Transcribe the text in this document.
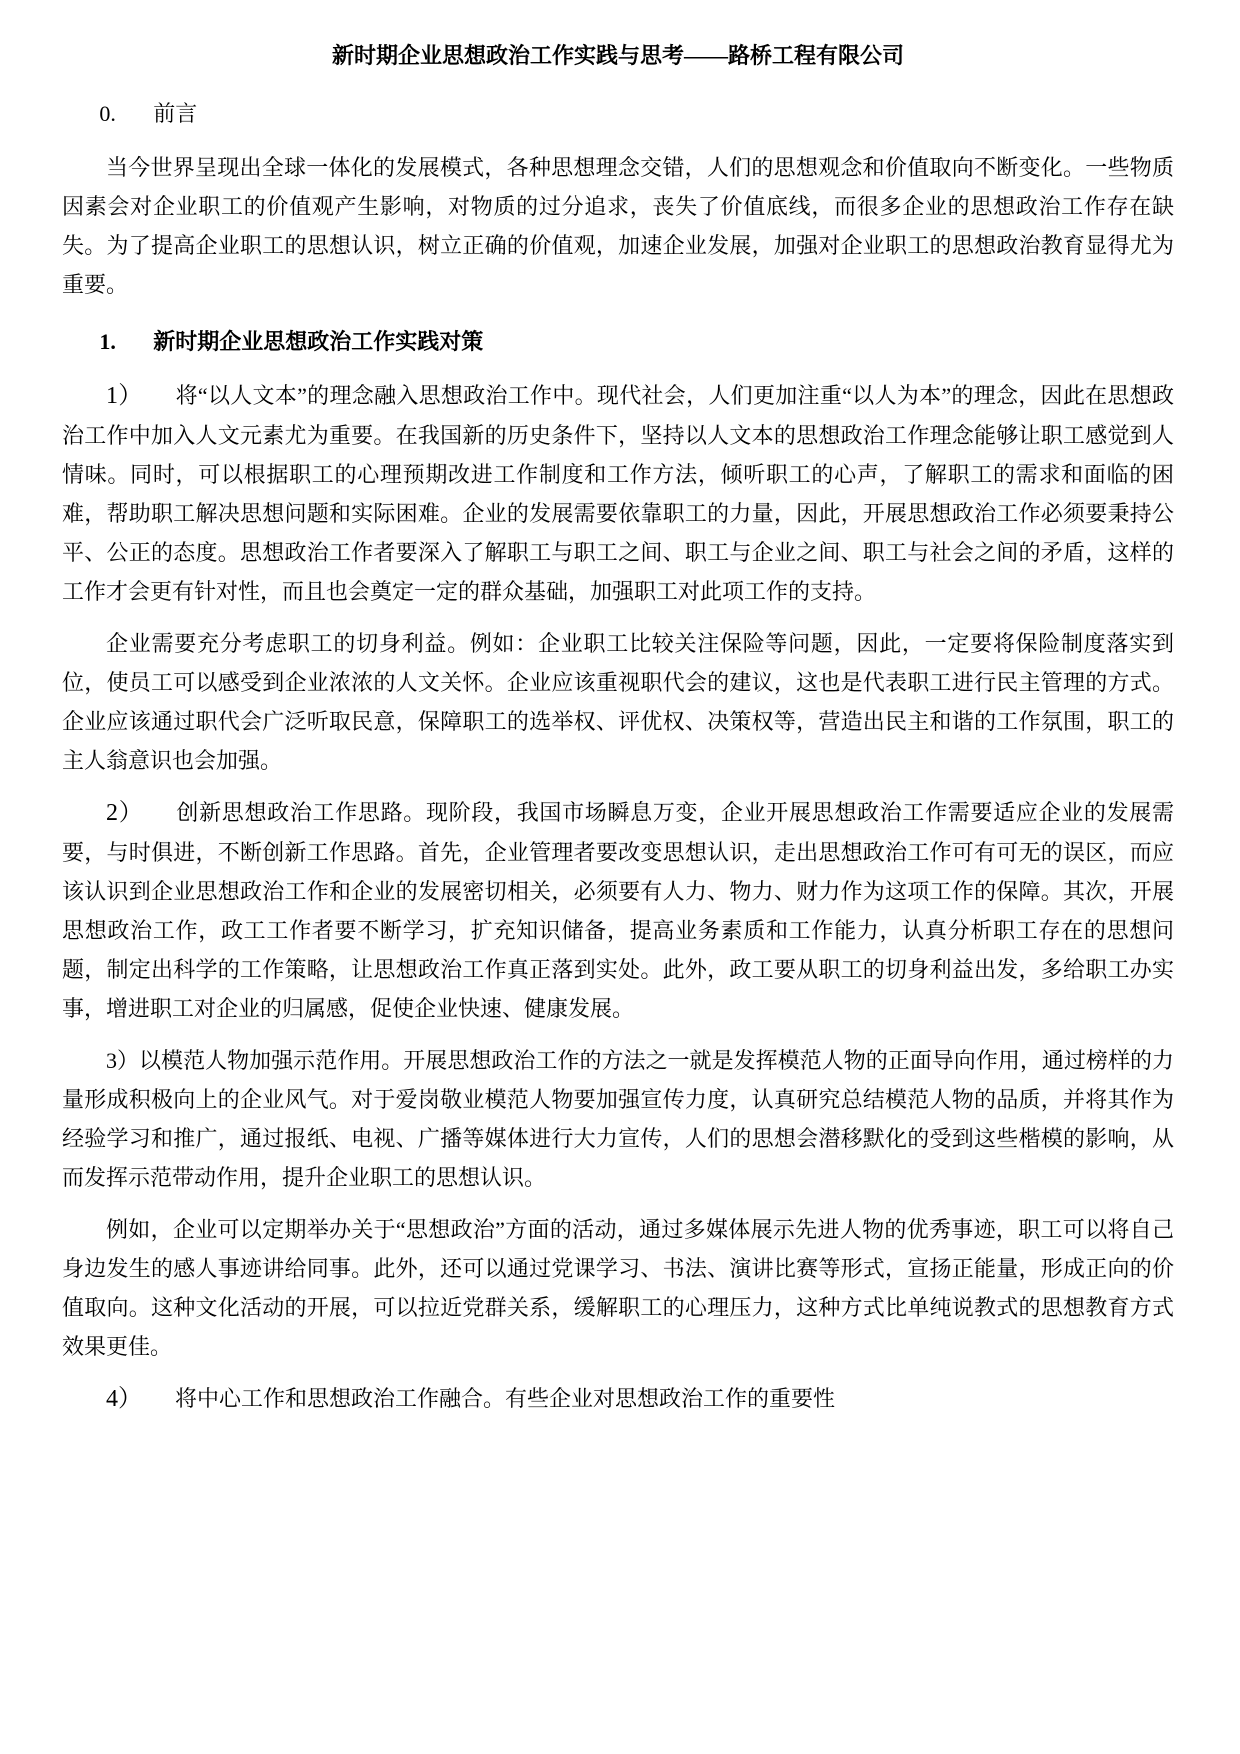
新时期企业思想政治工作实践与思考——路桥工程有限公司
0. 前言

当今世界呈现出全球一体化的发展模式，各种思想理念交错，人们的思想观念和价值取向不断变化。一些物质因素会对企业职工的价值观产生影响，对物质的过分追求，丧失了价值底线，而很多企业的思想政治工作存在缺失。为了提高企业职工的思想认识，树立正确的价值观，加速企业发展，加强对企业职工的思想政治教育显得尤为重要。

1. 新时期企业思想政治工作实践对策

1） 将“以人文本”的理念融入思想政治工作中。现代社会，人们更加注重“以人为本”的理念，因此在思想政治工作中加入人文元素尤为重要。在我国新的历史条件下，坚持以人文本的思想政治工作理念能够让职工感觉到人情味。同时，可以根据职工的心理预期改进工作制度和工作方法，倾听职工的心声，了解职工的需求和面临的困难，帮助职工解决思想问题和实际困难。企业的发展需要依靠职工的力量，因此，开展思想政治工作必须要秉持公平、公正的态度。思想政治工作者要深入了解职工与职工之间、职工与企业之间、职工与社会之间的矛盾，这样的工作才会更有针对性，而且也会奠定一定的群众基础，加强职工对此项工作的支持。

企业需要充分考虑职工的切身利益。例如：企业职工比较关注保险等问题，因此，一定要将保险制度落实到位，使员工可以感受到企业浓浓的人文关怀。企业应该重视职代会的建议，这也是代表职工进行民主管理的方式。企业应该通过职代会广泛听取民意，保障职工的选举权、评优权、决策权等，营造出民主和谐的工作氛围，职工的主人翁意识也会加强。

2） 创新思想政治工作思路。现阶段，我国市场瞬息万变，企业开展思想政治工作需要适应企业的发展需要，与时俱进，不断创新工作思路。首先，企业管理者要改变思想认识，走出思想政治工作可有可无的误区，而应该认识到企业思想政治工作和企业的发展密切相关，必须要有人力、物力、财力作为这项工作的保障。其次，开展思想政治工作，政工工作者要不断学习，扩充知识储备，提高业务素质和工作能力，认真分析职工存在的思想问题，制定出科学的工作策略，让思想政治工作真正落到实处。此外，政工要从职工的切身利益出发，多给职工办实事，增进职工对企业的归属感，促使企业快速、健康发展。

3）以模范人物加强示范作用。开展思想政治工作的方法之一就是发挥模范人物的正面导向作用，通过榜样的力量形成积极向上的企业风气。对于爱岗敬业模范人物要加强宣传力度，认真研究总结模范人物的品质，并将其作为经验学习和推广，通过报纸、电视、广播等媒体进行大力宣传，人们的思想会潜移默化的受到这些楷模的影响，从而发挥示范带动作用，提升企业职工的思想认识。

例如，企业可以定期举办关于“思想政治”方面的活动，通过多媒体展示先进人物的优秀事迹，职工可以将自己身边发生的感人事迹讲给同事。此外，还可以通过党课学习、书法、演讲比赛等形式，宣扬正能量，形成正向的价值取向。这种文化活动的开展，可以拉近党群关系，缓解职工的心理压力，这种方式比单纯说教式的思想教育方式效果更佳。

4） 将中心工作和思想政治工作融合。有些企业对思想政治工作的重要性
